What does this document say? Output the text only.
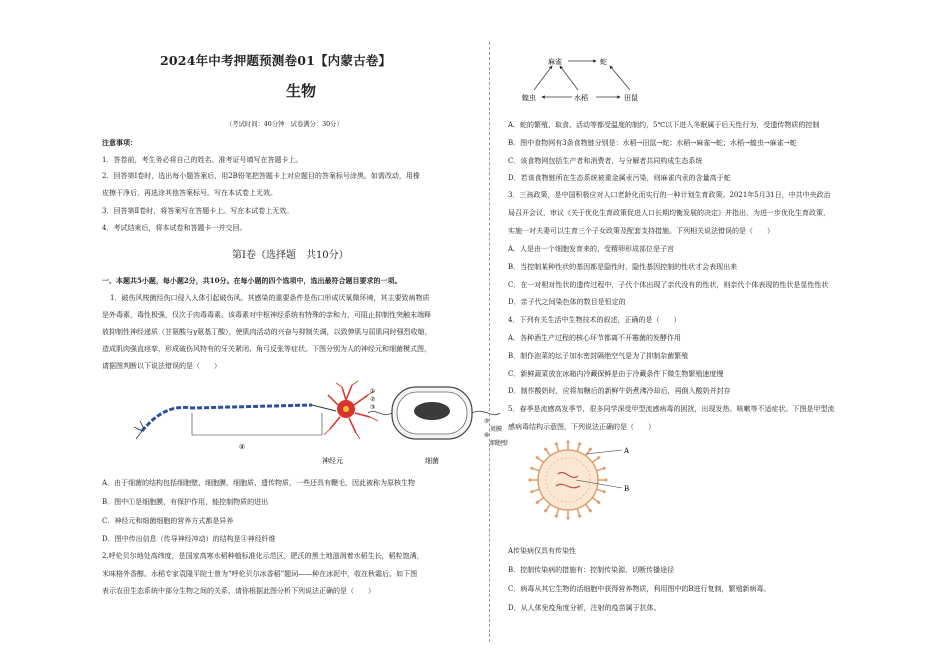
2024年中考押题预测卷01【内蒙古卷】
生物
（考试时间：40分钟　试卷满分：30分）
注意事项：
1．答卷前，考生务必将自己的姓名、准考证号填写在答题卡上。
2．回答第Ⅰ卷时，选出每小题答案后，用2B铅笔把答题卡上对应题目的答案标号涂黑。如需改动，用橡
皮擦干净后，再选涂其他答案标号。写在本试卷上无效。
3．回答第Ⅱ卷时，将答案写在答题卡上。写在本试卷上无效。
4．考试结束后，将本试卷和答题卡一并交回。
第Ⅰ卷（选择题　共10分）
一、本题共5小题，每小题2分，共10分。在每小题的四个选项中，选出最符合题目要求的一项。
1．破伤风梭菌经伤口侵入人体引起破伤风。其感染的重要条件是伤口形成厌氧微环境，其主要致病物质
是外毒素，毒性极强，仅次于肉毒毒素。该毒素对中枢神经系统有特殊的亲和力，可阻止抑制性突触末端释
放抑制性神经递质（甘氨酸与γ氨基丁酸），使肌肉活动的兴奋与抑制失调，以致伸肌与屈肌同时强烈收缩，
造成肌肉强直痉挛，形成破伤风特有的牙关紧闭、角弓反张等症状。下图分别为人的神经元和细菌模式图，
请据图判断以下说法错误的是（　　）
④
神经元
①
②
③
⑤
⑥
荚膜
细胞壁
细菌
A．由于细菌的结构包括细胞壁、细胞膜、细胞质、遗传物质，一些还具有鞭毛，因此被称为原核生物
B．图中①是细胞膜，有保护作用，能控制物质的进出
C．神经元和细菌细胞的营养方式都是异养
D．图中传出信息（传导神经冲动）的结构是④神经纤维
2.呼伦贝尔地处高纬度，是国家高寒水稻种植标准化示范区，肥沃的黑土地滋润着水稻生长，稻粒饱满，
米味格外香醇。水稻专家袁隆平院士曾为“呼伦贝尔冰香稻”题词——种在冰泥中，收在秋霜后。如下图
表示农田生态系统中部分生物之间的关系，请你根据此图分析下列说法正确的是（　　）
麻雀	蛇
蝗虫	水稻	田鼠
A．蛇的繁殖、取食、活动等都受温度的制约，5℃以下进入冬眠属于后天性行为，受遗传物质的控制
B．图中食物网有3条食物链分别是：水稻→田鼠→蛇；水稻→麻雀→蛇；水稻→蝗虫→麻雀→蛇
C．该食物网包括生产者和消费者，与分解者共同构成生态系统
D．若该食物链所在生态系统被重金属汞污染，则麻雀内汞的含量高于蛇
3．三孩政策，是中国积极应对人口老龄化而实行的一种计划生育政策。2021年5月31日，中共中央政治
局召开会议，审议《关于优化生育政策促进人口长期均衡发展的决定》并指出，为进一步优化生育政策，
实施一对夫妻可以生育三个子女政策及配套支持措施。下列相关说法错误的是（　　）
A．人是由一个细胞发育来的，受精卵形成部位是子宫
B．当控制某种性状的基因都是隐性时，隐性基因控制的性状才会表现出来
C．在一对相对性状的遗传过程中，子代个体出现了亲代没有的性状，则亲代个体表现的性状是显性性状
D．亲子代之间染色体的数目是恒定的
4．下列有关生活中生物技术的叙述，正确的是（　　）
A．各种酒生产过程的核心环节都离不开霉菌的发酵作用
B．制作泡菜的坛子加水密封隔绝空气是为了抑制杂菌繁殖
C．新鲜蔬菜放在冰箱内冷藏保鲜是由于冷藏条件下微生物繁殖速度慢
D．制作酸奶时，应将加糖后的新鲜牛奶煮沸冷却后，再倒入酸奶并封存
5．春季是流感高发季节，很多同学深受甲型流感病毒的困扰，出现发热、咳嗽等不适症状。下图是甲型流
感病毒结构示意图，下列说法正确的是（　　）
A
B
A传染病仅具有传染性
B．控制传染病的措施有：控制传染源、切断传播途径
C．病毒从其它生物的活细胞中获得营养物质，利用图中的B进行复制，繁殖新病毒。
D．从人体免疫角度分析，注射的疫苗属于抗体。
